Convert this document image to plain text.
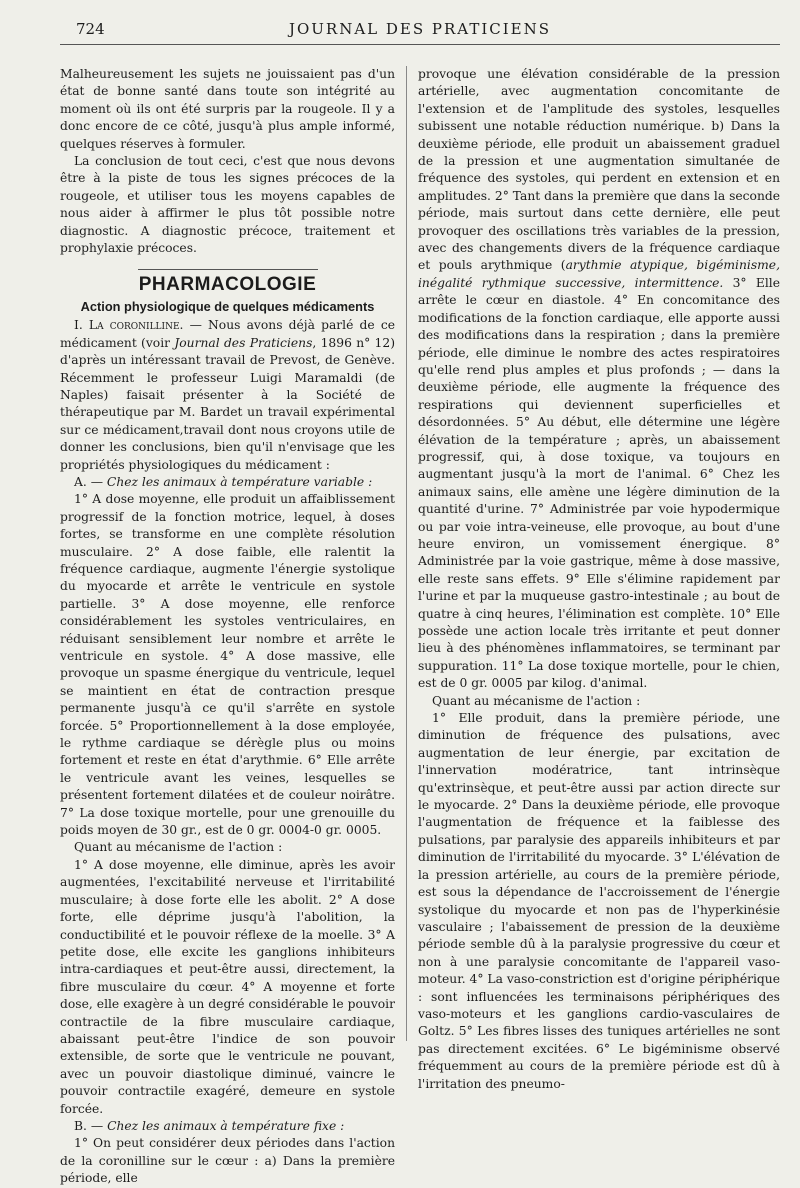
724	JOURNAL DES PRATICIENS

Malheureusement les sujets ne jouissaient pas d'un état de bonne santé dans toute son intégrité au moment où ils ont été surpris par la rougeole. Il y a donc encore de ce côté, jusqu'à plus ample informé, quelques réserves à formuler.

La conclusion de tout ceci, c'est que nous devons être à la piste de tous les signes précoces de la rougeole, et utiliser tous les moyens capables de nous aider à affirmer le plus tôt possible notre diagnostic. A diagnostic précoce, traitement et prophylaxie précoces.

PHARMACOLOGIE
Action physiologique de quelques médicaments

I. La coronilline. — Nous avons déjà parlé de ce médicament (voir Journal des Praticiens, 1896 n° 12) d'après un intéressant travail de Prevost, de Genève. Récemment le professeur Luigi Maramaldi (de Naples) faisait présenter à la Société de thérapeutique par M. Bardet un travail expérimental sur ce médicament,travail dont nous croyons utile de donner les conclusions, bien qu'il n'envisage que les propriétés physiologiques du médicament :

A. — Chez les animaux à température variable :

1° A dose moyenne, elle produit un affaiblissement progressif de la fonction motrice, lequel, à doses fortes, se transforme en une complète résolution musculaire. 2° A dose faible, elle ralentit la fréquence cardiaque, augmente l'énergie systolique du myocarde et arrête le ventricule en systole partielle. 3° A dose moyenne, elle renforce considérablement les systoles ventriculaires, en réduisant sensiblement leur nombre et arrête le ventricule en systole. 4° A dose massive, elle provoque un spasme énergique du ventricule, lequel se maintient en état de contraction presque permanente jusqu'à ce qu'il s'arrête en systole forcée. 5° Proportionnellement à la dose employée, le rythme cardiaque se dérègle plus ou moins fortement et reste en état d'arythmie. 6° Elle arrête le ventricule avant les veines, lesquelles se présentent fortement dilatées et de couleur noirâtre. 7° La dose toxique mortelle, pour une grenouille du poids moyen de 30 gr., est de 0 gr. 0004-0 gr. 0005.

Quant au mécanisme de l'action :

1° A dose moyenne, elle diminue, après les avoir augmentées, l'excitabilité nerveuse et l'irritabilité musculaire; à dose forte elle les abolit. 2° A dose forte, elle déprime jusqu'à l'abolition, la conductibilité et le pouvoir réflexe de la moelle. 3° A petite dose, elle excite les ganglions inhibiteurs intra-cardiaques et peut-être aussi, directement, la fibre musculaire du cœur. 4° A moyenne et forte dose, elle exagère à un degré considérable le pouvoir contractile de la fibre musculaire cardiaque, abaissant peut-être l'indice de son pouvoir extensible, de sorte que le ventricule ne pouvant, avec un pouvoir diastolique diminué, vaincre le pouvoir contractile exagéré, demeure en systole forcée.

B. — Chez les animaux à température fixe :

1° On peut considérer deux périodes dans l'action de la coronilline sur le cœur : a) Dans la première période, elle

provoque une élévation considérable de la pression artérielle, avec augmentation concomitante de l'extension et de l'amplitude des systoles, lesquelles subissent une notable réduction numérique. b) Dans la deuxième période, elle produit un abaissement graduel de la pression et une augmentation simultanée de fréquence des systoles, qui perdent en extension et en amplitudes. 2° Tant dans la première que dans la seconde période, mais surtout dans cette dernière, elle peut provoquer des oscillations très variables de la pression, avec des changements divers de la fréquence cardiaque et pouls arythmique (arythmie atypique, bigéminisme, inégalité rythmique successive, intermittence. 3° Elle arrête le cœur en diastole. 4° En concomitance des modifications de la fonction cardiaque, elle apporte aussi des modifications dans la respiration ; dans la première période, elle diminue le nombre des actes respiratoires qu'elle rend plus amples et plus profonds ; — dans la deuxième période, elle augmente la fréquence des respirations qui deviennent superficielles et désordonnées. 5° Au début, elle détermine une légère élévation de la température ; après, un abaissement progressif, qui, à dose toxique, va toujours en augmentant jusqu'à la mort de l'animal. 6° Chez les animaux sains, elle amène une légère diminution de la quantité d'urine. 7° Administrée par voie hypodermique ou par voie intra-veineuse, elle provoque, au bout d'une heure environ, un vomissement énergique. 8° Administrée par la voie gastrique, même à dose massive, elle reste sans effets. 9° Elle s'élimine rapidement par l'urine et par la muqueuse gastro-intestinale ; au bout de quatre à cinq heures, l'élimination est complète. 10° Elle possède une action locale très irritante et peut donner lieu à des phénomènes inflammatoires, se terminant par suppuration. 11° La dose toxique mortelle, pour le chien, est de 0 gr. 0005 par kilog. d'animal.

Quant au mécanisme de l'action :

1° Elle produit, dans la première période, une diminution de fréquence des pulsations, avec augmentation de leur énergie, par excitation de l'innervation modératrice, tant intrinsèque qu'extrinsèque, et peut-être aussi par action directe sur le myocarde. 2° Dans la deuxième période, elle provoque l'augmentation de fréquence et la faiblesse des pulsations, par paralysie des appareils inhibiteurs et par diminution de l'irritabilité du myocarde. 3° L'élévation de la pression artérielle, au cours de la première période, est sous la dépendance de l'accroissement de l'énergie systolique du myocarde et non pas de l'hyperkinésie vasculaire ; l'abaissement de pression de la deuxième période semble dû à la paralysie progressive du cœur et non à une paralysie concomitante de l'appareil vaso-moteur. 4° La vaso-constriction est d'origine périphérique : sont influencées les terminaisons périphériques des vaso-moteurs et les ganglions cardio-vasculaires de Goltz. 5° Les fibres lisses des tuniques artérielles ne sont pas directement excitées. 6° Le bigéminisme observé fréquemment au cours de la première période est dû à l'irritation des pneumo-
